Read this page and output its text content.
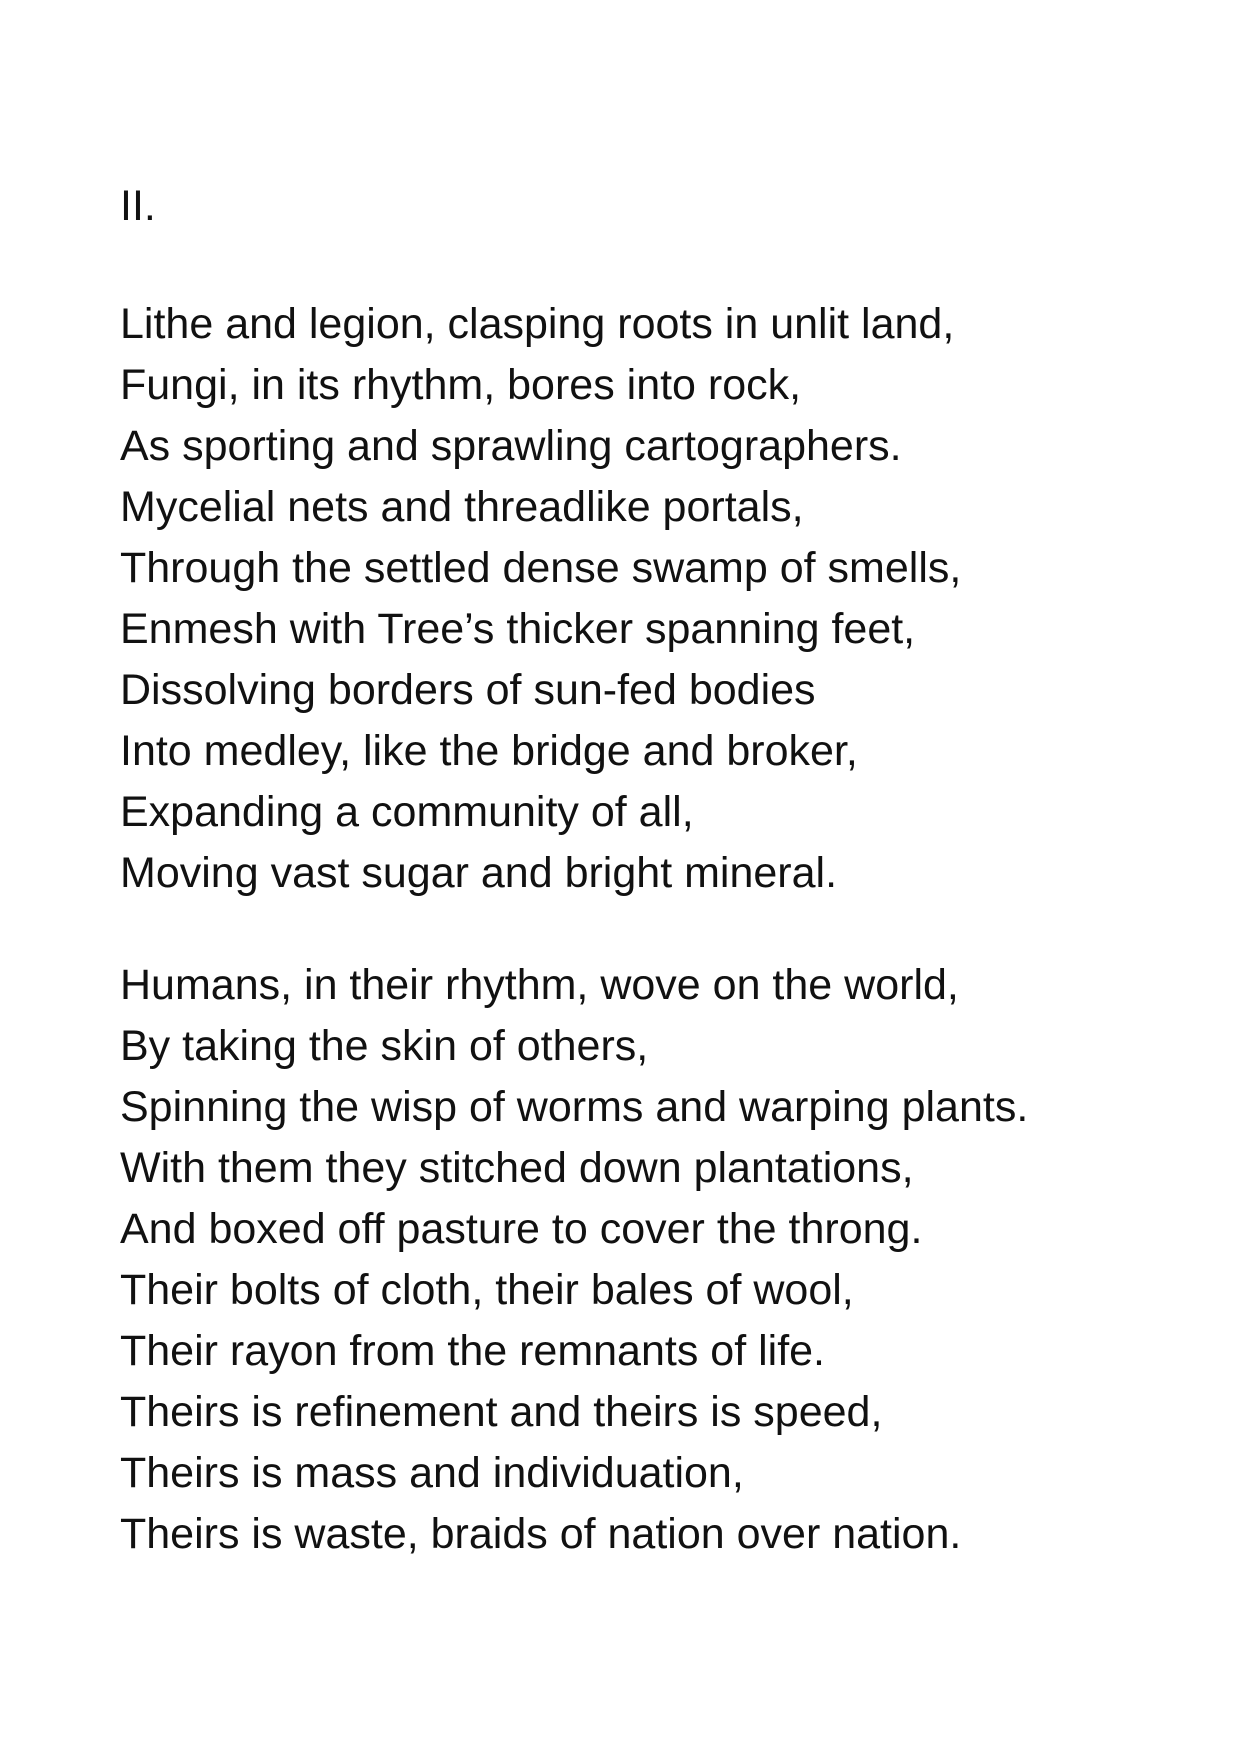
II.
Lithe and legion, clasping roots in unlit land,
Fungi, in its rhythm, bores into rock,
As sporting and sprawling cartographers.
Mycelial nets and threadlike portals,
Through the settled dense swamp of smells,
Enmesh with Tree’s thicker spanning feet,
Dissolving borders of sun-fed bodies
Into medley, like the bridge and broker,
Expanding a community of all,
Moving vast sugar and bright mineral.
Humans, in their rhythm, wove on the world,
By taking the skin of others,
Spinning the wisp of worms and warping plants.
With them they stitched down plantations,
And boxed off pasture to cover the throng.
Their bolts of cloth, their bales of wool,
Their rayon from the remnants of life.
Theirs is refinement and theirs is speed,
Theirs is mass and individuation,
Theirs is waste, braids of nation over nation.
